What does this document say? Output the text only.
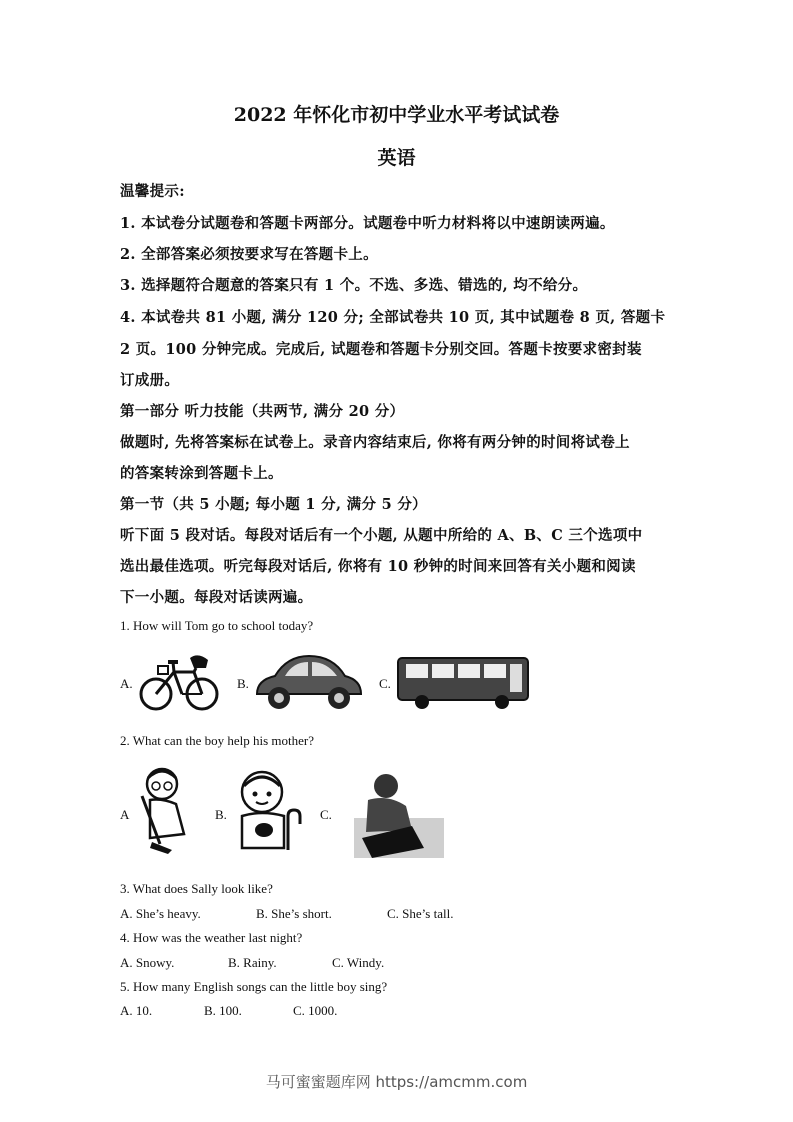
2022 年怀化市初中学业水平考试试卷
英语
温馨提示:
1. 本试卷分试题卷和答题卡两部分。试题卷中听力材料将以中速朗读两遍。
2. 全部答案必须按要求写在答题卡上。
3. 选择题符合题意的答案只有 1 个。不选、多选、错选的, 均不给分。
4. 本试卷共 81 小题, 满分 120 分; 全部试卷共 10 页, 其中试题卷 8 页, 答题卡
2 页。100 分钟完成。完成后, 试题卷和答题卡分别交回。答题卡按要求密封装
订成册。
第一部分 听力技能（共两节, 满分 20 分）
做题时, 先将答案标在试卷上。录音内容结束后, 你将有两分钟的时间将试卷上
的答案转涂到答题卡上。
第一节（共 5 小题; 每小题 1 分, 满分 5 分）
听下面 5 段对话。每段对话后有一个小题, 从题中所给的 A、B、C 三个选项中
选出最佳选项。听完每段对话后, 你将有 10 秒钟的时间来回答有关小题和阅读
下一小题。每段对话读两遍。
1. How will Tom go to school today?
A.	B.	C.
2. What can the boy help his mother?
A	B.	C.
3. What does Sally look like?
A. She’s heavy.	B. She’s short.	C. She’s tall.
4. How was the weather last night?
A. Snowy.	B. Rainy.	C. Windy.
5. How many English songs can the little boy sing?
A. 10.	B. 100.	C. 1000.
马可蜜蜜题库网 https://amcmm.com
